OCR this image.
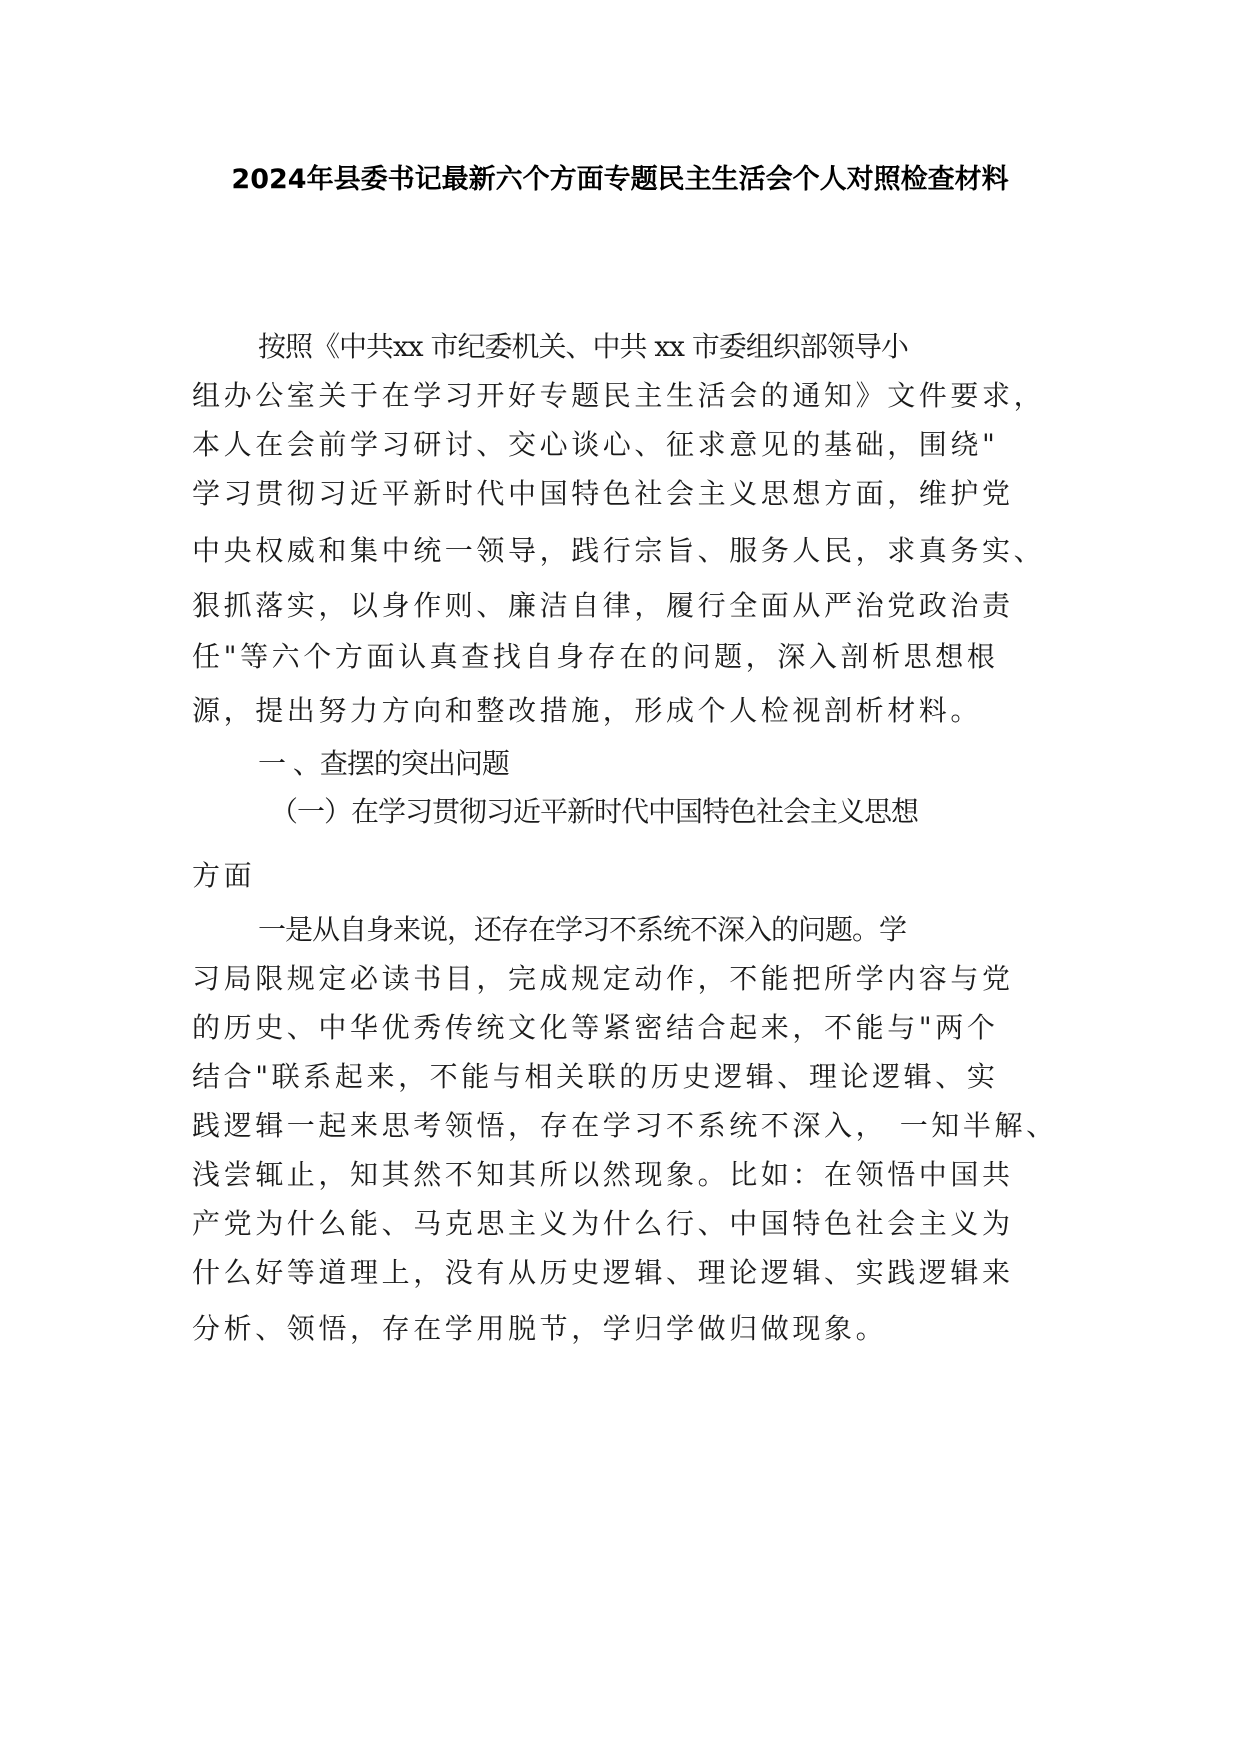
2024年县委书记最新六个方面专题民主生活会个人对照检查材料

按照《中共xx 市纪委机关、中共 xx 市委组织部领导小

组办公室关于在学习开好专题民主生活会的通知》文件要求，

本人在会前学习研讨、交心谈心、征求意见的基础，围绕"

学习贯彻习近平新时代中国特色社会主义思想方面，维护党

中央权威和集中统一领导，践行宗旨、服务人民，求真务实、

狠抓落实，以身作则、廉洁自律，履行全面从严治党政治责

任"等六个方面认真查找自身存在的问题，深入剖析思想根

源，提出努力方向和整改措施，形成个人检视剖析材料。

一 、查摆的突出问题

（一）在学习贯彻习近平新时代中国特色社会主义思想

方面

一是从自身来说，还存在学习不系统不深入的问题。学

习局限规定必读书目，完成规定动作，不能把所学内容与党

的历史、中华优秀传统文化等紧密结合起来，不能与"两个

结合"联系起来，不能与相关联的历史逻辑、理论逻辑、实

践逻辑一起来思考领悟，存在学习不系统不深入， 一知半解、

浅尝辄止，知其然不知其所以然现象。比如：在领悟中国共

产党为什么能、马克思主义为什么行、中国特色社会主义为

什么好等道理上，没有从历史逻辑、理论逻辑、实践逻辑来

分析、领悟，存在学用脱节，学归学做归做现象。
